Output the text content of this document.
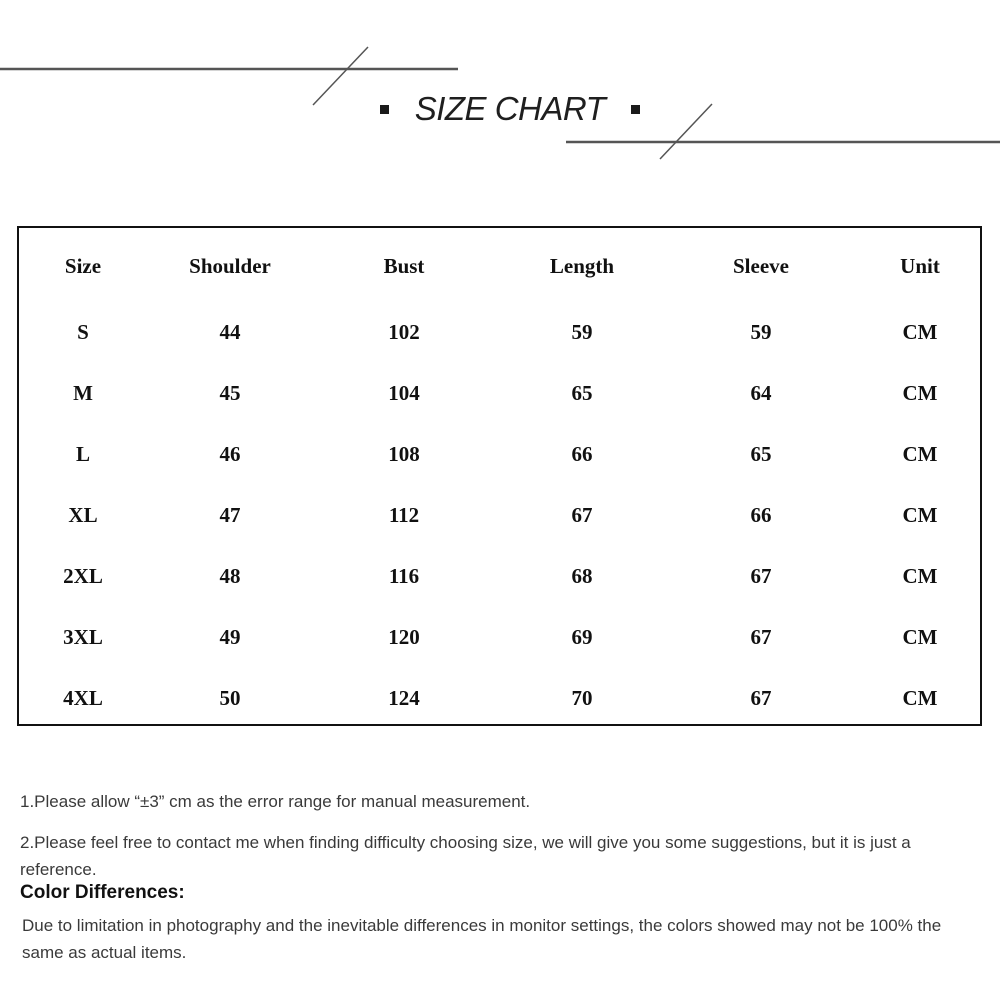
SIZE CHART
Size	Shoulder	Bust	Length	Sleeve	Unit
S	44	102	59	59	CM
M	45	104	65	64	CM
L	46	108	66	65	CM
XL	47	112	67	66	CM
2XL	48	116	68	67	CM
3XL	49	120	69	67	CM
4XL	50	124	70	67	CM
1.Please allow “±3” cm as the error range for manual measurement.
2.Please feel free to contact me when finding difficulty choosing size, we will give you some suggestions, but it is just a reference.
Color Differences:
Due to limitation in photography and the inevitable differences in monitor settings, the colors showed may not be 100% the same as actual items.
